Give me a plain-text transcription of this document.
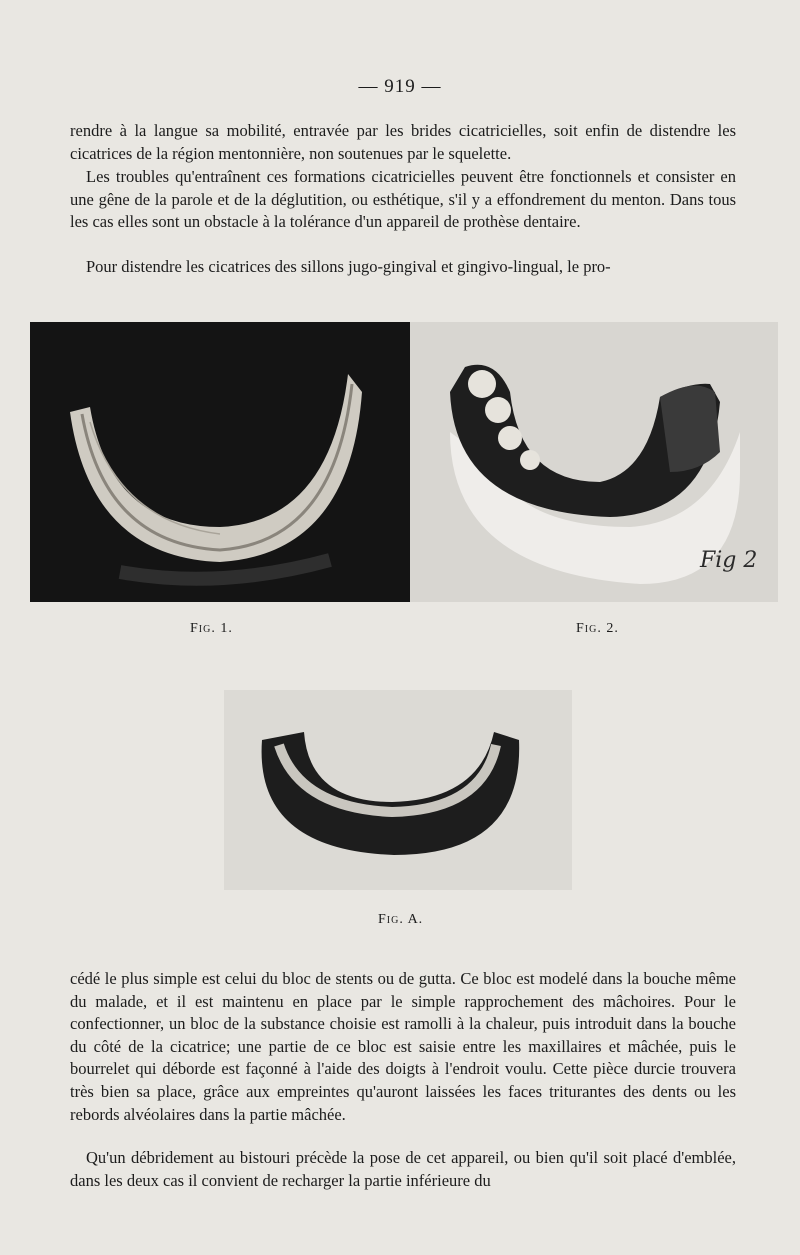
— 919 —

rendre à la langue sa mobilité, entravée par les brides cicatricielles, soit enfin de distendre les cicatrices de la région mentonnière, non soutenues par le squelette.

Les troubles qu'entraînent ces formations cicatricielles peuvent être fonctionnels et consister en une gêne de la parole et de la déglutition, ou esthétique, s'il y a effondrement du menton. Dans tous les cas elles sont un obstacle à la tolérance d'un appareil de prothèse dentaire.

Pour distendre les cicatrices des sillons jugo-gingival et gingivo-lingual, le pro-

Fig 2
Fig. 1.	Fig. 2.
Fig. A.

cédé le plus simple est celui du bloc de stents ou de gutta. Ce bloc est modelé dans la bouche même du malade, et il est maintenu en place par le simple rapprochement des mâchoires. Pour le confectionner, un bloc de la substance choisie est ramolli à la chaleur, puis introduit dans la bouche du côté de la cicatrice; une partie de ce bloc est saisie entre les maxillaires et mâchée, puis le bourrelet qui déborde est façonné à l'aide des doigts à l'endroit voulu. Cette pièce durcie trouvera très bien sa place, grâce aux empreintes qu'auront laissées les faces triturantes des dents ou les rebords alvéolaires dans la partie mâchée.

Qu'un débridement au bistouri précède la pose de cet appareil, ou bien qu'il soit placé d'emblée, dans les deux cas il convient de recharger la partie inférieure du
